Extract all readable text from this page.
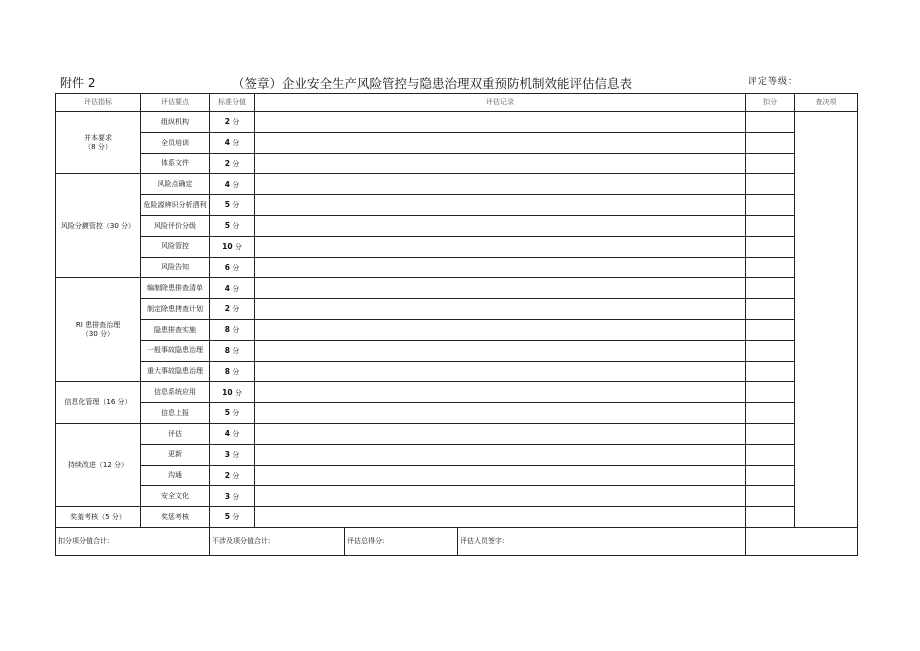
附件 2	（签章）企业安全生产风险管控与隐患治理双重预防机制效能评估信息表	评定等级：
评估指标	评估要点	标准分值	评估记录	扣分	查决项

并本要求
（8 分）	组纵机构	2 分			
	全员培训	4 分			
	体系文件	2 分			

风险分鍍管控（30 分）	风险点确定	4 分			
	危险源辨识分析洒利	5 分			
	风险评价分级	5 分			
	风险管控	10 分			
	风险告知	6 分			

RI 患排查治理
（30 分）	编制除患排查清单	4 分			
	制定除患拷查计划	2 分			
	隐患排查实施	8 分			
	一般事故隐患治理	8 分			
	重大事故隐患治理	8 分			

信息化管理（16 分）	信息系统应用	10 分			
	信息上报	5 分			

持续改进（12 分）	评估	4 分			
	更新	3 分			
	沟通	2 分			
	安全文化	3 分			

奖羞考核（5 分）	奖惩考核	5 分			
扣分项分值合计:		不涉及项分值合计: 评估总得分: 评估人员签字:			
